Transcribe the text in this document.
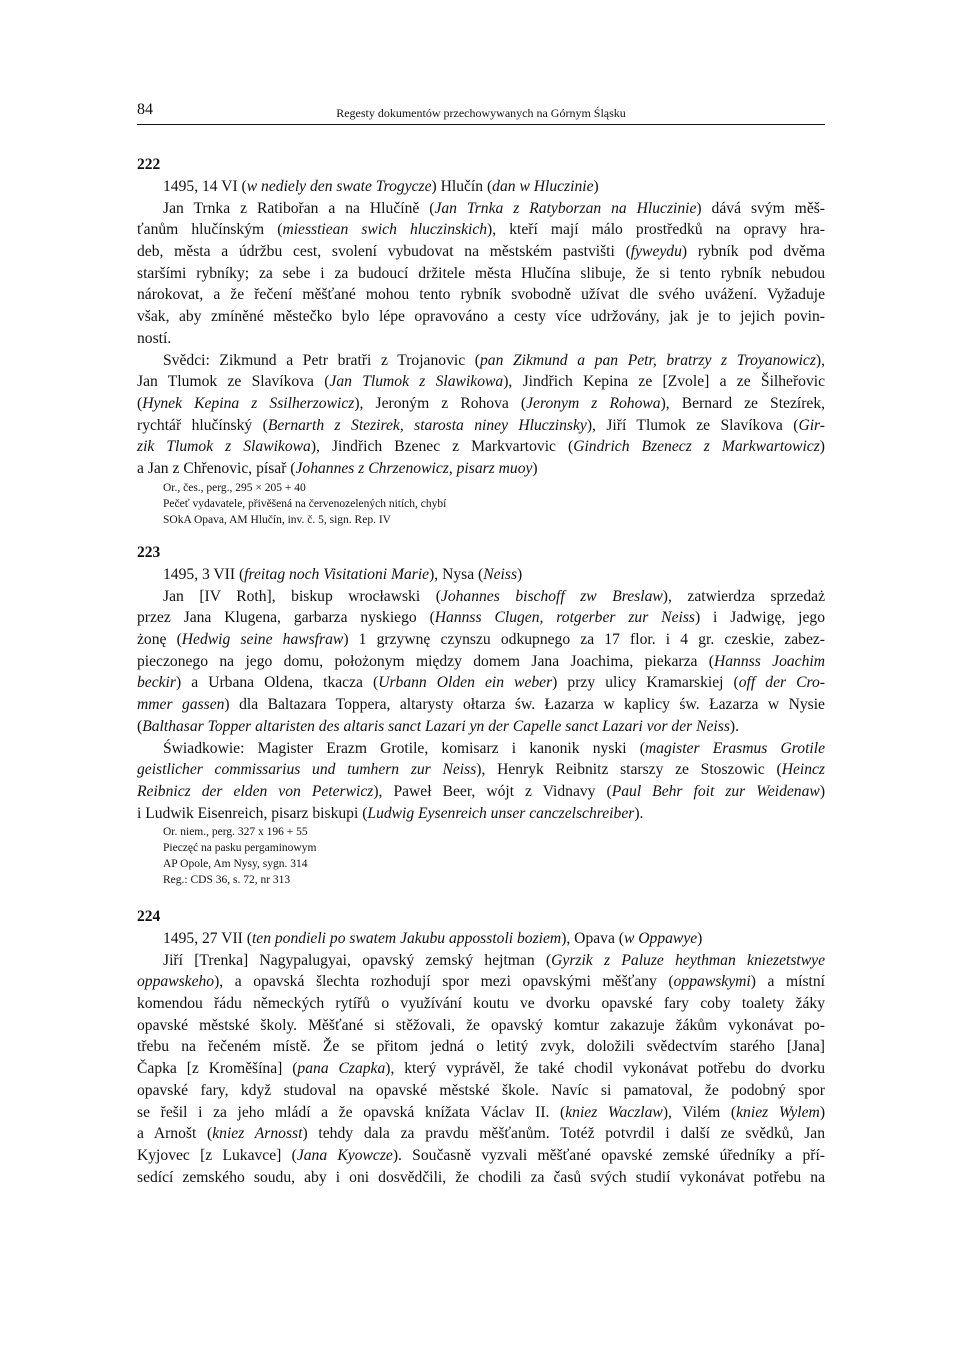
84	Regesty dokumentów przechowywanych na Górnym Śląsku
222
1495, 14 VI (w nediely den swate Trogycze) Hlučín (dan w Hluczinie)
Jan Trnka z Ratibořan a na Hlučíně (Jan Trnka z Ratyborzan na Hluczinie) dává svým měš-
ťanům hlučínským (miesstiean swich hluczinskich), kteří mají málo prostředků na opravy hra-
deb, města a údržbu cest, svolení vybudovat na městském pastvišti (fyweydu) rybník pod dvěma
staršími rybníky; za sebe i za budoucí držitele města Hlučína slibuje, že si tento rybník nebudou
nárokovat, a že řečení měšťané mohou tento rybník svobodně užívat dle svého uvážení. Vyžaduje
však, aby zmíněné městečko bylo lépe opravováno a cesty více udržovány, jak je to jejich povin-
ností.
Svědci: Zikmund a Petr bratři z Trojanovic (pan Zikmund a pan Petr, bratrzy z Troyanowicz),
Jan Tlumok ze Slavíkova (Jan Tlumok z Slawikowa), Jindřich Kepina ze [Zvole] a ze Šilheřovic
(Hynek Kepina z Ssilherzowicz), Jeroným z Rohova (Jeronym z Rohowa), Bernard ze Stezírek,
rychtář hlučínský (Bernarth z Stezirek, starosta niney Hluczinsky), Jiří Tlumok ze Slavíkova (Gir-
zik Tlumok z Slawikowa), Jindřich Bzenec z Markvartovic (Gindrich Bzenecz z Markwartowicz)
a Jan z Chřenovic, písař (Johannes z Chrzenowicz, pisarz muoy)
Or., čes., perg., 295 × 205 + 40
Pečeť vydavatele, přivěšená na červenozelených nitích, chybí
SOkA Opava, AM Hlučín, inv. č. 5, sign. Rep. IV
223
1495, 3 VII (freitag noch Visitationi Marie), Nysa (Neiss)
Jan [IV Roth], biskup wrocławski (Johannes bischoff zw Breslaw), zatwierdza sprzedaż
przez Jana Klugena, garbarza nyskiego (Hannss Clugen, rotgerber zur Neiss) i Jadwigę, jego
żonę (Hedwig seine hawsfraw) 1 grzywnę czynszu odkupnego za 17 flor. i 4 gr. czeskie, zabez-
pieczonego na jego domu, położonym między domem Jana Joachima, piekarza (Hannss Joachim
beckir) a Urbana Oldena, tkacza (Urbann Olden ein weber) przy ulicy Kramarskiej (off der Cro-
mmer gassen) dla Baltazara Toppera, altarysty ołtarza św. Łazarza w kaplicy św. Łazarza w Nysie
(Balthasar Topper altaristen des altaris sanct Lazari yn der Capelle sanct Lazari vor der Neiss).
Świadkowie: Magister Erazm Grotile, komisarz i kanonik nyski (magister Erasmus Grotile
geistlicher commissarius und tumhern zur Neiss), Henryk Reibnitz starszy ze Stoszowic (Heincz
Reibnicz der elden von Peterwicz), Paweł Beer, wójt z Vidnavy (Paul Behr foit zur Weidenaw)
i Ludwik Eisenreich, pisarz biskupi (Ludwig Eysenreich unser canczelschreiber).
Or. niem., perg. 327 x 196 + 55
Pieczęć na pasku pergaminowym
AP Opole, Am Nysy, sygn. 314
Reg.: CDS 36, s. 72, nr 313
224
1495, 27 VII (ten pondieli po swatem Jakubu apposstoli boziem), Opava (w Oppawye)
Jiří [Trenka] Nagypalugyai, opavský zemský hejtman (Gyrzik z Paluze heythman kniezetstwye
oppawskeho), a opavská šlechta rozhodují spor mezi opavskými měšťany (oppawskymi) a místní
komendou řádu německých rytířů o využívání koutu ve dvorku opavské fary coby toalety žáky
opavské městské školy. Měšťané si stěžovali, že opavský komtur zakazuje žákům vykonávat po-
třebu na řečeném místě. Že se přitom jedná o letitý zvyk, doložili svědectvím starého [Jana]
Čapka [z Kroměšína] (pana Czapka), který vyprávěl, že také chodil vykonávat potřebu do dvorku
opavské fary, když studoval na opavské městské škole. Navíc si pamatoval, že podobný spor
se řešil i za jeho mládí a že opavská knížata Václav II. (kniez Waczlaw), Vilém (kniez Wylem)
a Arnošt (kniez Arnosst) tehdy dala za pravdu měšťanům. Totéž potvrdil i další ze svědků, Jan
Kyjovec [z Lukavce] (Jana Kyowcze). Současně vyzvali měšťané opavské zemské úředníky a pří-
sedící zemského soudu, aby i oni dosvědčili, že chodili za časů svých studií vykonávat potřebu na
